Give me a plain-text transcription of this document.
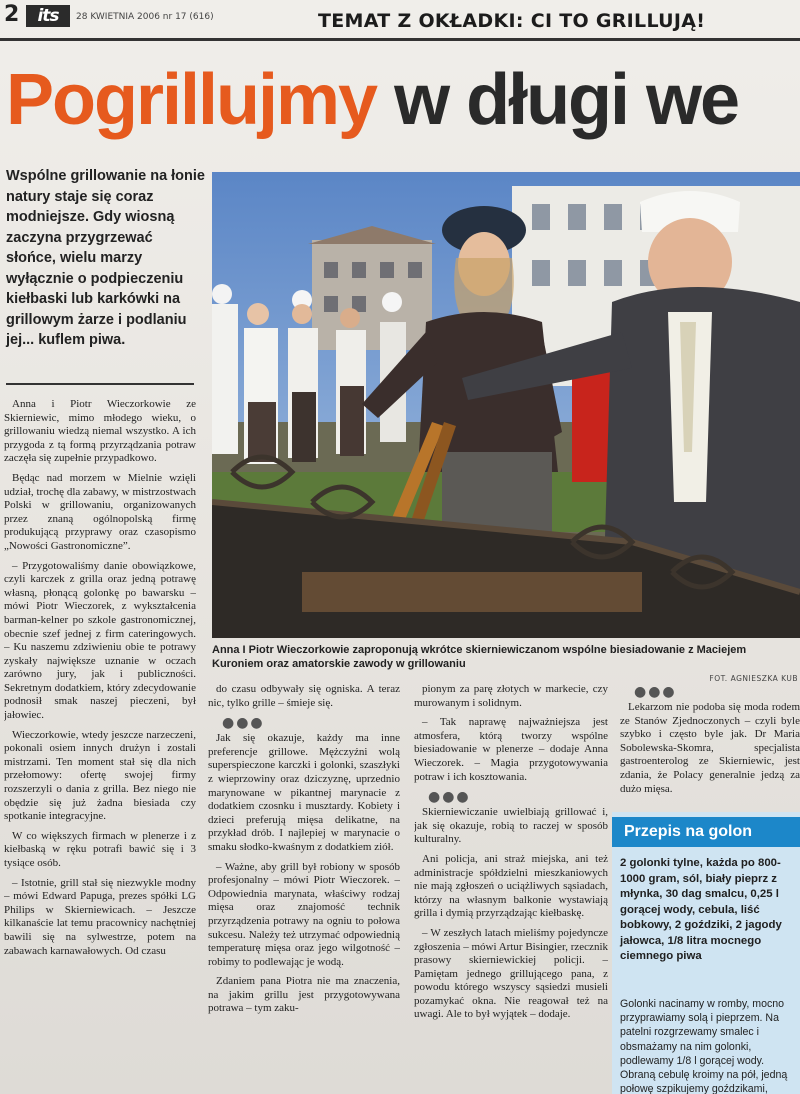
2	its	28 KWIETNIA 2006 nr 17 (616)	TEMAT Z OKŁADKI: CI TO GRILLUJĄ!
Pogrillujmy w długi we
Wspólne grillowanie na łonie natury staje się coraz modniejsze. Gdy wiosną zaczyna przygrzewać słońce, wielu marzy wyłącznie o podpieczeniu kiełbaski lub karkówki na grillowym żarze i podlaniu jej... kuflem piwa.
Anna I Piotr Wieczorkowie zaproponują wkrótce skierniewiczanom wspólne biesiadowanie z Maciejem Kuroniem oraz amatorskie zawody w grillowaniu
FOT. AGNIESZKA KUB

Anna i Piotr Wieczorkowie ze Skierniewic, mimo młodego wieku, o grillowaniu wiedzą niemal wszystko. A ich przygoda z tą formą przyrządzania potraw zaczęła się zupełnie przypadkowo.

Będąc nad morzem w Mielnie wzięli udział, trochę dla zabawy, w mistrzostwach Polski w grillowaniu, organizowanych przez znaną ogólnopolską firmę produkującą przyprawy oraz czasopismo „Nowości Gastronomiczne”.

– Przygotowaliśmy danie obowiązkowe, czyli karczek z grilla oraz jedną potrawę własną, płonącą golonkę po bawarsku – mówi Piotr Wieczorek, z wykształcenia barman-kelner po szkole gastronomicznej, obecnie szef jednej z firm cateringowych. – Ku naszemu zdziwieniu obie te potrawy zyskały największe uznanie w oczach zarówno jury, jak i publiczności. Sekretnym dodatkiem, który zdecydowanie podnosił smak naszej pieczeni, był jałowiec.

Wieczorkowie, wtedy jeszcze narzeczeni, pokonali osiem innych drużyn i zostali mistrzami. Ten moment stał się dla nich przełomowy: ofertę swojej firmy rozszerzyli o dania z grilla. Bez niego nie obędzie się już żadna biesiada czy spotkanie integracyjne.

W co większych firmach w plenerze i z kiełbaską w ręku potrafi bawić się i 3 tysiące osób.

– Istotnie, grill stał się niezwykle modny – mówi Edward Papuga, prezes spółki LG Philips w Skierniewicach. – Jeszcze kilkanaście lat temu pracownicy nachętniej bawili się na sylwestrze, potem na zabawach karnawałowych. Od czasu

do czasu odbywały się ogniska. A teraz nic, tylko grille – śmieje się.

●●●

Jak się okazuje, każdy ma inne preferencje grillowe. Mężczyźni wolą superspieczone karczki i golonki, szaszłyki z wieprzowiny oraz dziczyznę, uprzednio marynowane w pikantnej marynacie z dodatkiem czosnku i musztardy. Kobiety i dzieci preferują mięsa delikatne, na przykład drób. I najlepiej w marynacie o smaku słodko-kwaśnym z dodatkiem ziół.

– Ważne, aby grill był robiony w sposób profesjonalny – mówi Piotr Wieczorek. – Odpowiednia marynata, właściwy rodzaj mięsa oraz znajomość technik przyrządzenia potrawy na ogniu to połowa sukcesu. Należy też utrzymać odpowiednią temperaturę mięsa oraz jego wilgotność – robimy to podlewając je wodą.

Zdaniem pana Piotra nie ma znaczenia, na jakim grillu jest przygotowywana potrawa – tym zaku-

pionym za parę złotych w markecie, czy murowanym i solidnym.

– Tak naprawę najważniejsza jest atmosfera, którą tworzy wspólne biesiadowanie w plenerze – dodaje Anna Wieczorek. – Magia przygotowywania potraw i ich kosztowania.

●●●

Skierniewiczanie uwielbiają grillować i, jak się okazuje, robią to raczej w sposób kulturalny.

Ani policja, ani straż miejska, ani też administracje spółdzielni mieszkaniowych nie mają zgłoszeń o uciążliwych sąsiadach, którzy na własnym balkonie wystawiają grilla i dymią przyrządzając kiełbaskę.

– W zeszłych latach mieliśmy pojedyncze zgłoszenia – mówi Artur Bisingier, rzecznik prasowy skierniewickiej policji. – Pamiętam jednego grillującego pana, z powodu którego wszyscy sąsiedzi musieli pozamykać okna. Nie reagował też na uwagi. Ale to był wyjątek – dodaje.

●●●

Lekarzom nie podoba się moda rodem ze Stanów Zjednoczonych – czyli byle szybko i często byle jak. Dr Maria Sobolewska-Skomra, specjalista gastroenterolog ze Skierniewic, jest zdania, że Polacy generalnie jedzą za dużo mięsa.

Przepis na golon
2 golonki tylne, każda po 800-1000 gram, sól, biały pieprz z młynka, 30 dag smalcu, 0,25 l gorącej wody, cebula, liść bobkowy, 2 goździki, 2 jagody jałowca, 1/8 litra mocnego ciemnego piwa
Golonki nacinamy w romby, mocno przyprawiamy solą i pieprzem. Na patelni rozgrzewamy smalec i obsmażamy na nim golonki, podlewamy 1/8 l gorącej wody. Obraną cebulę kroimy na pół, jedną połowę szpikujemy goździkami,
